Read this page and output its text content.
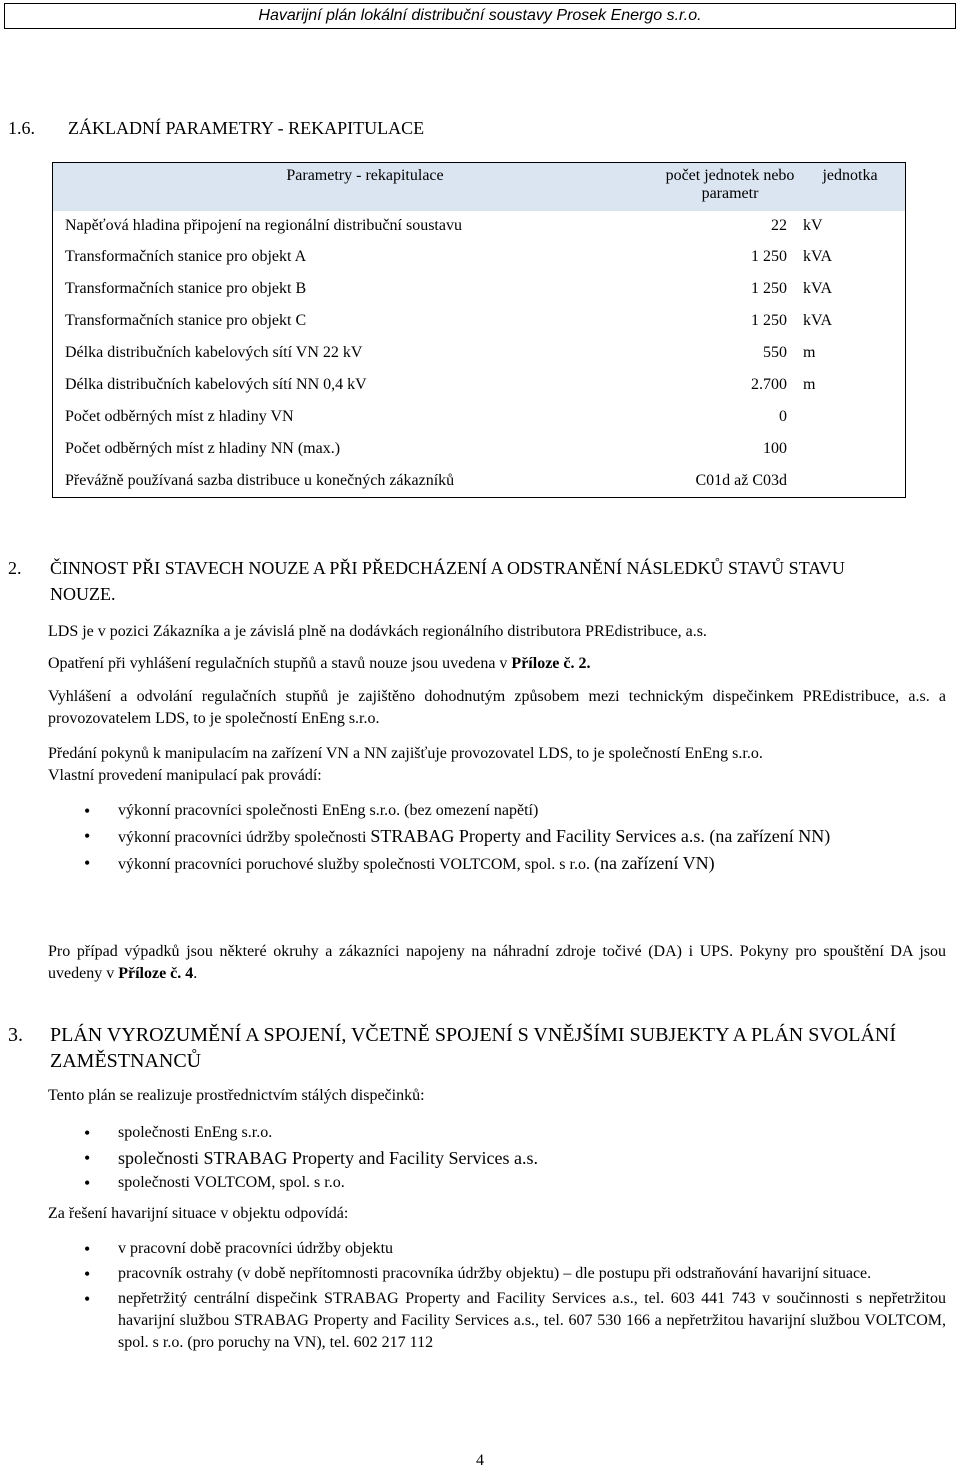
Havarijní plán lokální distribuční soustavy Prosek Energo s.r.o.
1.6. ZÁKLADNÍ PARAMETRY - REKAPITULACE
Parametry - rekapitulace	počet jednotek nebo parametr	jednotka
Napěťová hladina připojení na regionální distribuční soustavu	22	kV
Transformačních stanice pro objekt A	1 250	kVA
Transformačních stanice pro objekt B	1 250	kVA
Transformačních stanice pro objekt C	1 250	kVA
Délka distribučních kabelových sítí VN 22 kV	550	m
Délka distribučních kabelových sítí NN 0,4 kV	2.700	m
Počet odběrných míst z hladiny VN	0	
Počet odběrných míst z hladiny NN (max.)	100	
Převážně používaná sazba distribuce u konečných zákazníků	C01d až C03d	
2. ČINNOST PŘI STAVECH NOUZE A PŘI PŘEDCHÁZENÍ A ODSTRANĚNÍ NÁSLEDKŮ STAVŮ STAVU NOUZE.

LDS je v pozici Zákazníka a je závislá plně na dodávkách regionálního distributora PREdistribuce, a.s.

Opatření při vyhlášení regulačních stupňů a stavů nouze jsou uvedena v Příloze č. 2.

Vyhlášení a odvolání regulačních stupňů je zajištěno dohodnutým způsobem mezi technickým dispečinkem PREdistribuce, a.s. a provozovatelem LDS, to je společností EnEng s.r.o.

Předání pokynů k manipulacím na zařízení VN a NN zajišťuje provozovatel LDS, to je společností EnEng s.r.o.

Vlastní provedení manipulací pak provádí:

• výkonní pracovníci společnosti EnEng s.r.o. (bez omezení napětí)
• výkonní pracovníci údržby společnosti STRABAG Property and Facility Services a.s. (na zařízení NN)
• výkonní pracovníci poruchové služby společnosti VOLTCOM, spol. s r.o. (na zařízení VN)

Pro případ výpadků jsou některé okruhy a zákazníci napojeny na náhradní zdroje točivé (DA) i UPS. Pokyny pro spouštění DA jsou uvedeny v Příloze č. 4.

3. PLÁN VYROZUMĚNÍ A SPOJENÍ, VČETNĚ SPOJENÍ S VNĚJŠÍMI SUBJEKTY A PLÁN SVOLÁNÍ ZAMĚSTNANCŮ

Tento plán se realizuje prostřednictvím stálých dispečinků:

• společnosti EnEng s.r.o.
• společnosti STRABAG Property and Facility Services a.s.
• společnosti VOLTCOM, spol. s r.o.

Za řešení havarijní situace v objektu odpovídá:

• v pracovní době pracovníci údržby objektu
• pracovník ostrahy (v době nepřítomnosti pracovníka údržby objektu) – dle postupu při odstraňování havarijní situace.
• nepřetržitý centrální dispečink STRABAG Property and Facility Services a.s., tel. 603 441 743 v součinnosti s nepřetržitou havarijní službou STRABAG Property and Facility Services a.s., tel. 607 530 166 a nepřetržitou havarijní službou VOLTCOM, spol. s r.o. (pro poruchy na VN), tel. 602 217 112
4
